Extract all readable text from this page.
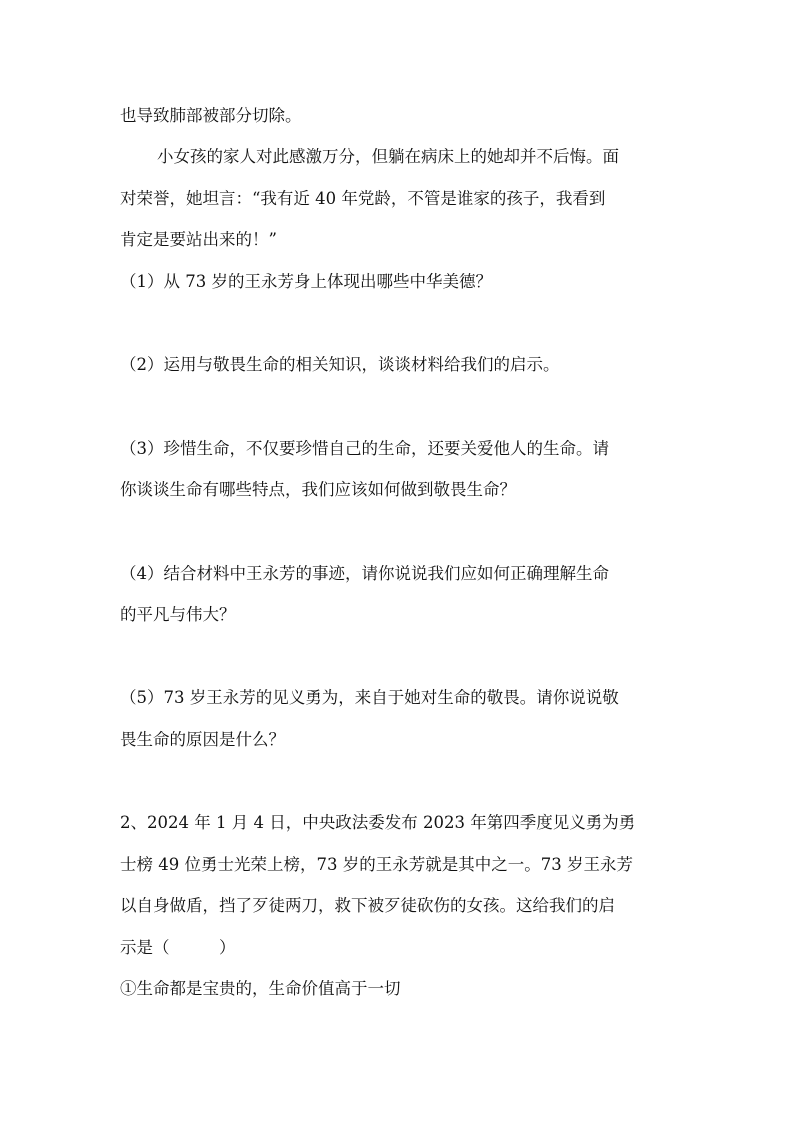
也导致肺部被部分切除。
小女孩的家人对此感激万分，但躺在病床上的她却并不后悔。面
对荣誉，她坦言：“我有近 40 年党龄，不管是谁家的孩子，我看到
肯定是要站出来的！”
（1）从 73 岁的王永芳身上体现出哪些中华美德？
（2）运用与敬畏生命的相关知识，谈谈材料给我们的启示。
（3）珍惜生命，不仅要珍惜自己的生命，还要关爱他人的生命。请
你谈谈生命有哪些特点，我们应该如何做到敬畏生命？
（4）结合材料中王永芳的事迹，请你说说我们应如何正确理解生命
的平凡与伟大？
（5）73 岁王永芳的见义勇为，来自于她对生命的敬畏。请你说说敬
畏生命的原因是什么？
2、2024 年 1 月 4 日，中央政法委发布 2023 年第四季度见义勇为勇
士榜 49 位勇士光荣上榜，73 岁的王永芳就是其中之一。73 岁王永芳
以自身做盾，挡了歹徒两刀，救下被歹徒砍伤的女孩。这给我们的启
示是（　　　）
①生命都是宝贵的，生命价值高于一切
